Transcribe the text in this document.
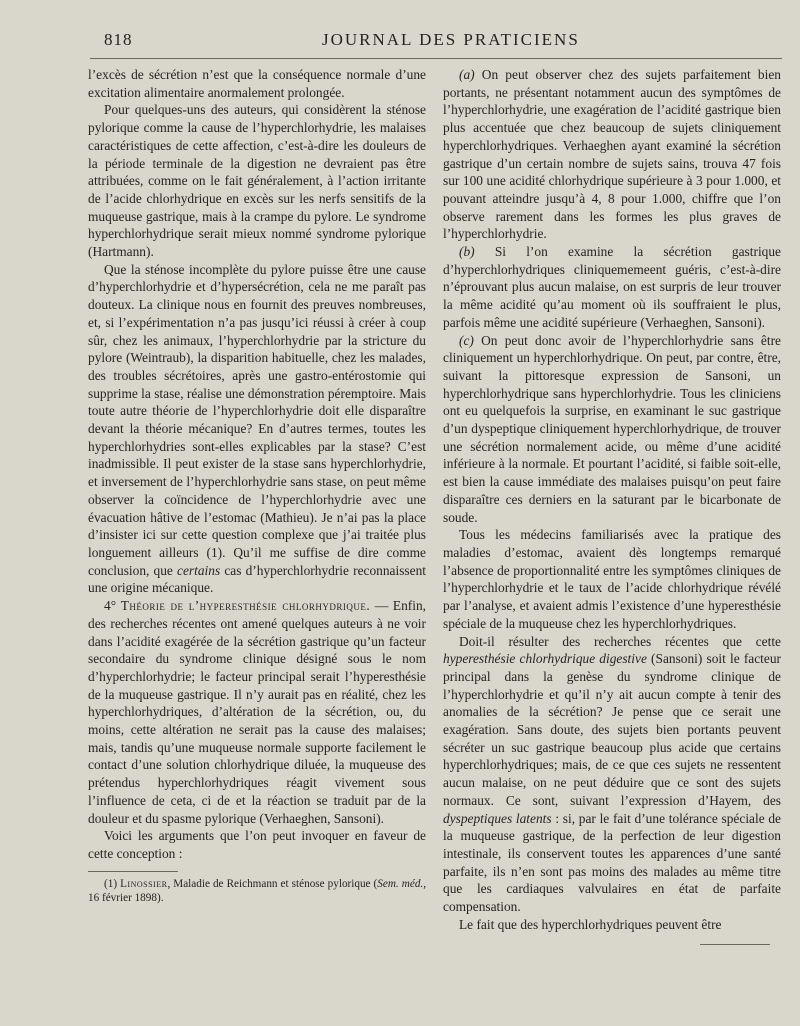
818	JOURNAL DES PRATICIENS

l’excès de sécrétion n’est que la conséquence normale d’une excitation alimentaire anormalement prolongée.

Pour quelques-uns des auteurs, qui considèrent la sténose pylorique comme la cause de l’hyperchlorhydrie, les malaises caractéristiques de cette affection, c’est-à-dire les douleurs de la période terminale de la digestion ne devraient pas être attribuées, comme on le fait généralement, à l’action irritante de l’acide chlorhydrique en excès sur les nerfs sensitifs de la muqueuse gastrique, mais à la crampe du pylore. Le syndrome hyperchlorhydrique serait mieux nommé syndrome pylorique (Hartmann).

Que la sténose incomplète du pylore puisse être une cause d’hyperchlorhydrie et d’hypersécrétion, cela ne me paraît pas douteux. La clinique nous en fournit des preuves nombreuses, et, si l’expérimentation n’a pas jusqu’ici réussi à créer à coup sûr, chez les animaux, l’hyperchlorhydrie par la stricture du pylore (Weintraub), la disparition habituelle, chez les malades, des troubles sécrétoires, après une gastro-entérostomie qui supprime la stase, réalise une démonstration péremptoire. Mais toute autre théorie de l’hyperchlorhydrie doit elle disparaître devant la théorie mécanique? En d’autres termes, toutes les hyperchlorhydries sont-elles explicables par la stase? C’est inadmissible. Il peut exister de la stase sans hyperchlorhydrie, et inversement de l’hyperchlorhydrie sans stase, on peut même observer la coïncidence de l’hyperchlorhydrie avec une évacuation hâtive de l’estomac (Mathieu). Je n’ai pas la place d’insister ici sur cette question complexe que j’ai traitée plus longuement ailleurs (1). Qu’il me suffise de dire comme conclusion, que certains cas d’hyperchlorhydrie reconnaissent une origine mécanique.

4° Théorie de l’hyperesthésie chlorhydrique. — Enfin, des recherches récentes ont amené quelques auteurs à ne voir dans l’acidité exagérée de la sécrétion gastrique qu’un facteur secondaire du syndrome clinique désigné sous le nom d’hyperchlorhydrie; le facteur principal serait l’hyperesthésie de la muqueuse gastrique. Il n’y aurait pas en réalité, chez les hyperchlorhydriques, d’altération de la sécrétion, ou, du moins, cette altération ne serait pas la cause des malaises; mais, tandis qu’une muqueuse normale supporte facilement le contact d’une solution chlorhydrique diluée, la muqueuse des prétendus hyperchlorhydriques réagit vivement sous l’influence de ceta, ci de et la réaction se traduit par de la douleur et du spasme pylorique (Verhaeghen, Sansoni).

Voici les arguments que l’on peut invoquer en faveur de cette conception :

(1) Linossier, Maladie de Reichmann et sténose pylorique (Sem. méd., 16 février 1898).

(a) On peut observer chez des sujets parfaitement bien portants, ne présentant notamment aucun des symptômes de l’hyperchlorhydrie, une exagération de l’acidité gastrique bien plus accentuée que chez beaucoup de sujets cliniquement hyperchlorhydriques. Verhaeghen ayant examiné la sécrétion gastrique d’un certain nombre de sujets sains, trouva 47 fois sur 100 une acidité chlorhydrique supérieure à 3 pour 1.000, et pouvant atteindre jusqu’à 4, 8 pour 1.000, chiffre que l’on observe rarement dans les formes les plus graves de l’hyperchlorhydrie.

(b) Si l’on examine la sécrétion gastrique d’hyperchlorhydriques cliniquememeent guéris, c’est-à-dire n’éprouvant plus aucun malaise, on est surpris de leur trouver la même acidité qu’au moment où ils souffraient le plus, parfois même une acidité supérieure (Verhaeghen, Sansoni).

(c) On peut donc avoir de l’hyperchlorhydrie sans être cliniquement un hyperchlorhydrique. On peut, par contre, être, suivant la pittoresque expression de Sansoni, un hyperchlorhydrique sans hyperchlorhydrie. Tous les cliniciens ont eu quelquefois la surprise, en examinant le suc gastrique d’un dyspeptique cliniquement hyperchlorhydrique, de trouver une sécrétion normalement acide, ou même d’une acidité inférieure à la normale. Et pourtant l’acidité, si faible soit-elle, est bien la cause immédiate des malaises puisqu’on peut faire disparaître ces derniers en la saturant par le bicarbonate de soude.

Tous les médecins familiarisés avec la pratique des maladies d’estomac, avaient dès longtemps remarqué l’absence de proportionnalité entre les symptômes cliniques de l’hyperchlorhydrie et le taux de l’acide chlorhydrique révélé par l’analyse, et avaient admis l’existence d’une hyperesthésie spéciale de la muqueuse chez les hyperchlorhydriques.

Doit-il résulter des recherches récentes que cette hyperesthésie chlorhydrique digestive (Sansoni) soit le facteur principal dans la genèse du syndrome clinique de l’hyperchlorhydrie et qu’il n’y ait aucun compte à tenir des anomalies de la sécrétion? Je pense que ce serait une exagération. Sans doute, des sujets bien portants peuvent sécréter un suc gastrique beaucoup plus acide que certains hyperchlorhydriques; mais, de ce que ces sujets ne ressentent aucun malaise, on ne peut déduire que ce sont des sujets normaux. Ce sont, suivant l’expression d’Hayem, des dyspeptiques latents : si, par le fait d’une tolérance spéciale de la muqueuse gastrique, de la perfection de leur digestion intestinale, ils conservent toutes les apparences d’une santé parfaite, ils n’en sont pas moins des malades au même titre que les cardiaques valvulaires en état de parfaite compensation.

Le fait que des hyperchlorhydriques peuvent être
